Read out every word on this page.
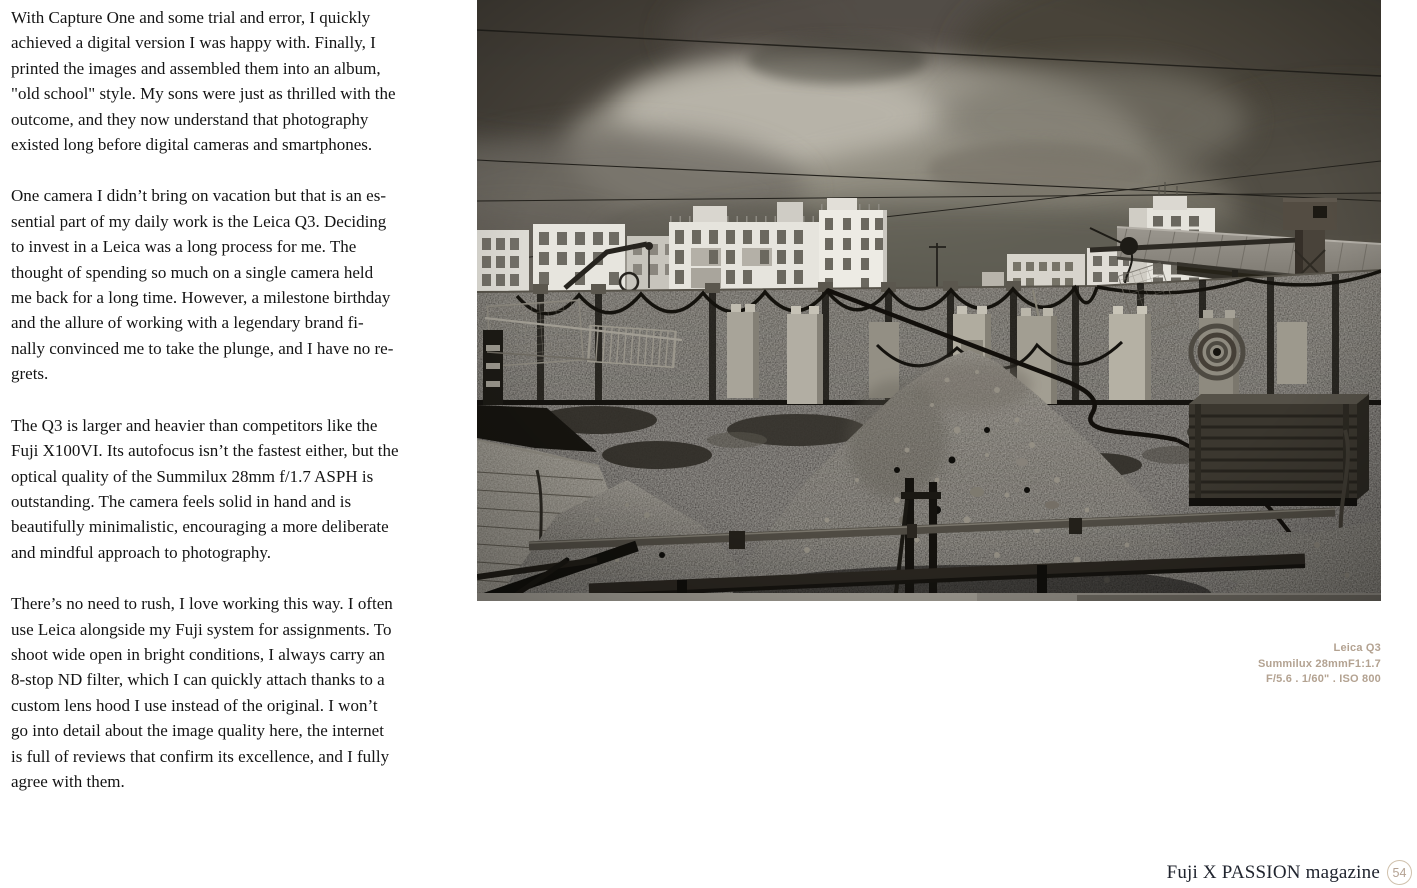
With Capture One and some trial and error, I quickly
achieved a digital version I was happy with. Finally, I
printed the images and assembled them into an album,
"old school" style. My sons were just as thrilled with the
outcome, and they now understand that photography
existed long before digital cameras and smartphones.
One camera I didn’t bring on vacation but that is an es-
sential part of my daily work is the Leica Q3. Deciding
to invest in a Leica was a long process for me. The
thought of spending so much on a single camera held
me back for a long time. However, a milestone birthday
and the allure of working with a legendary brand fi-
nally convinced me to take the plunge, and I have no re-
grets.
The Q3 is larger and heavier than competitors like the
Fuji X100VI. Its autofocus isn’t the fastest either, but the
optical quality of the Summilux 28mm f/1.7 ASPH is
outstanding. The camera feels solid in hand and is
beautifully minimalistic, encouraging a more deliberate
and mindful approach to photography.
There’s no need to rush, I love working this way. I often
use Leica alongside my Fuji system for assignments. To
shoot wide open in bright conditions, I always carry an
8-stop ND filter, which I can quickly attach thanks to a
custom lens hood I use instead of the original. I won’t
go into detail about the image quality here, the internet
is full of reviews that confirm its excellence, and I fully
agree with them.
Leica Q3
Summilux 28mmF1:1.7
F/5.6 . 1/60" . ISO 800
Fuji X PASSION magazine	54
